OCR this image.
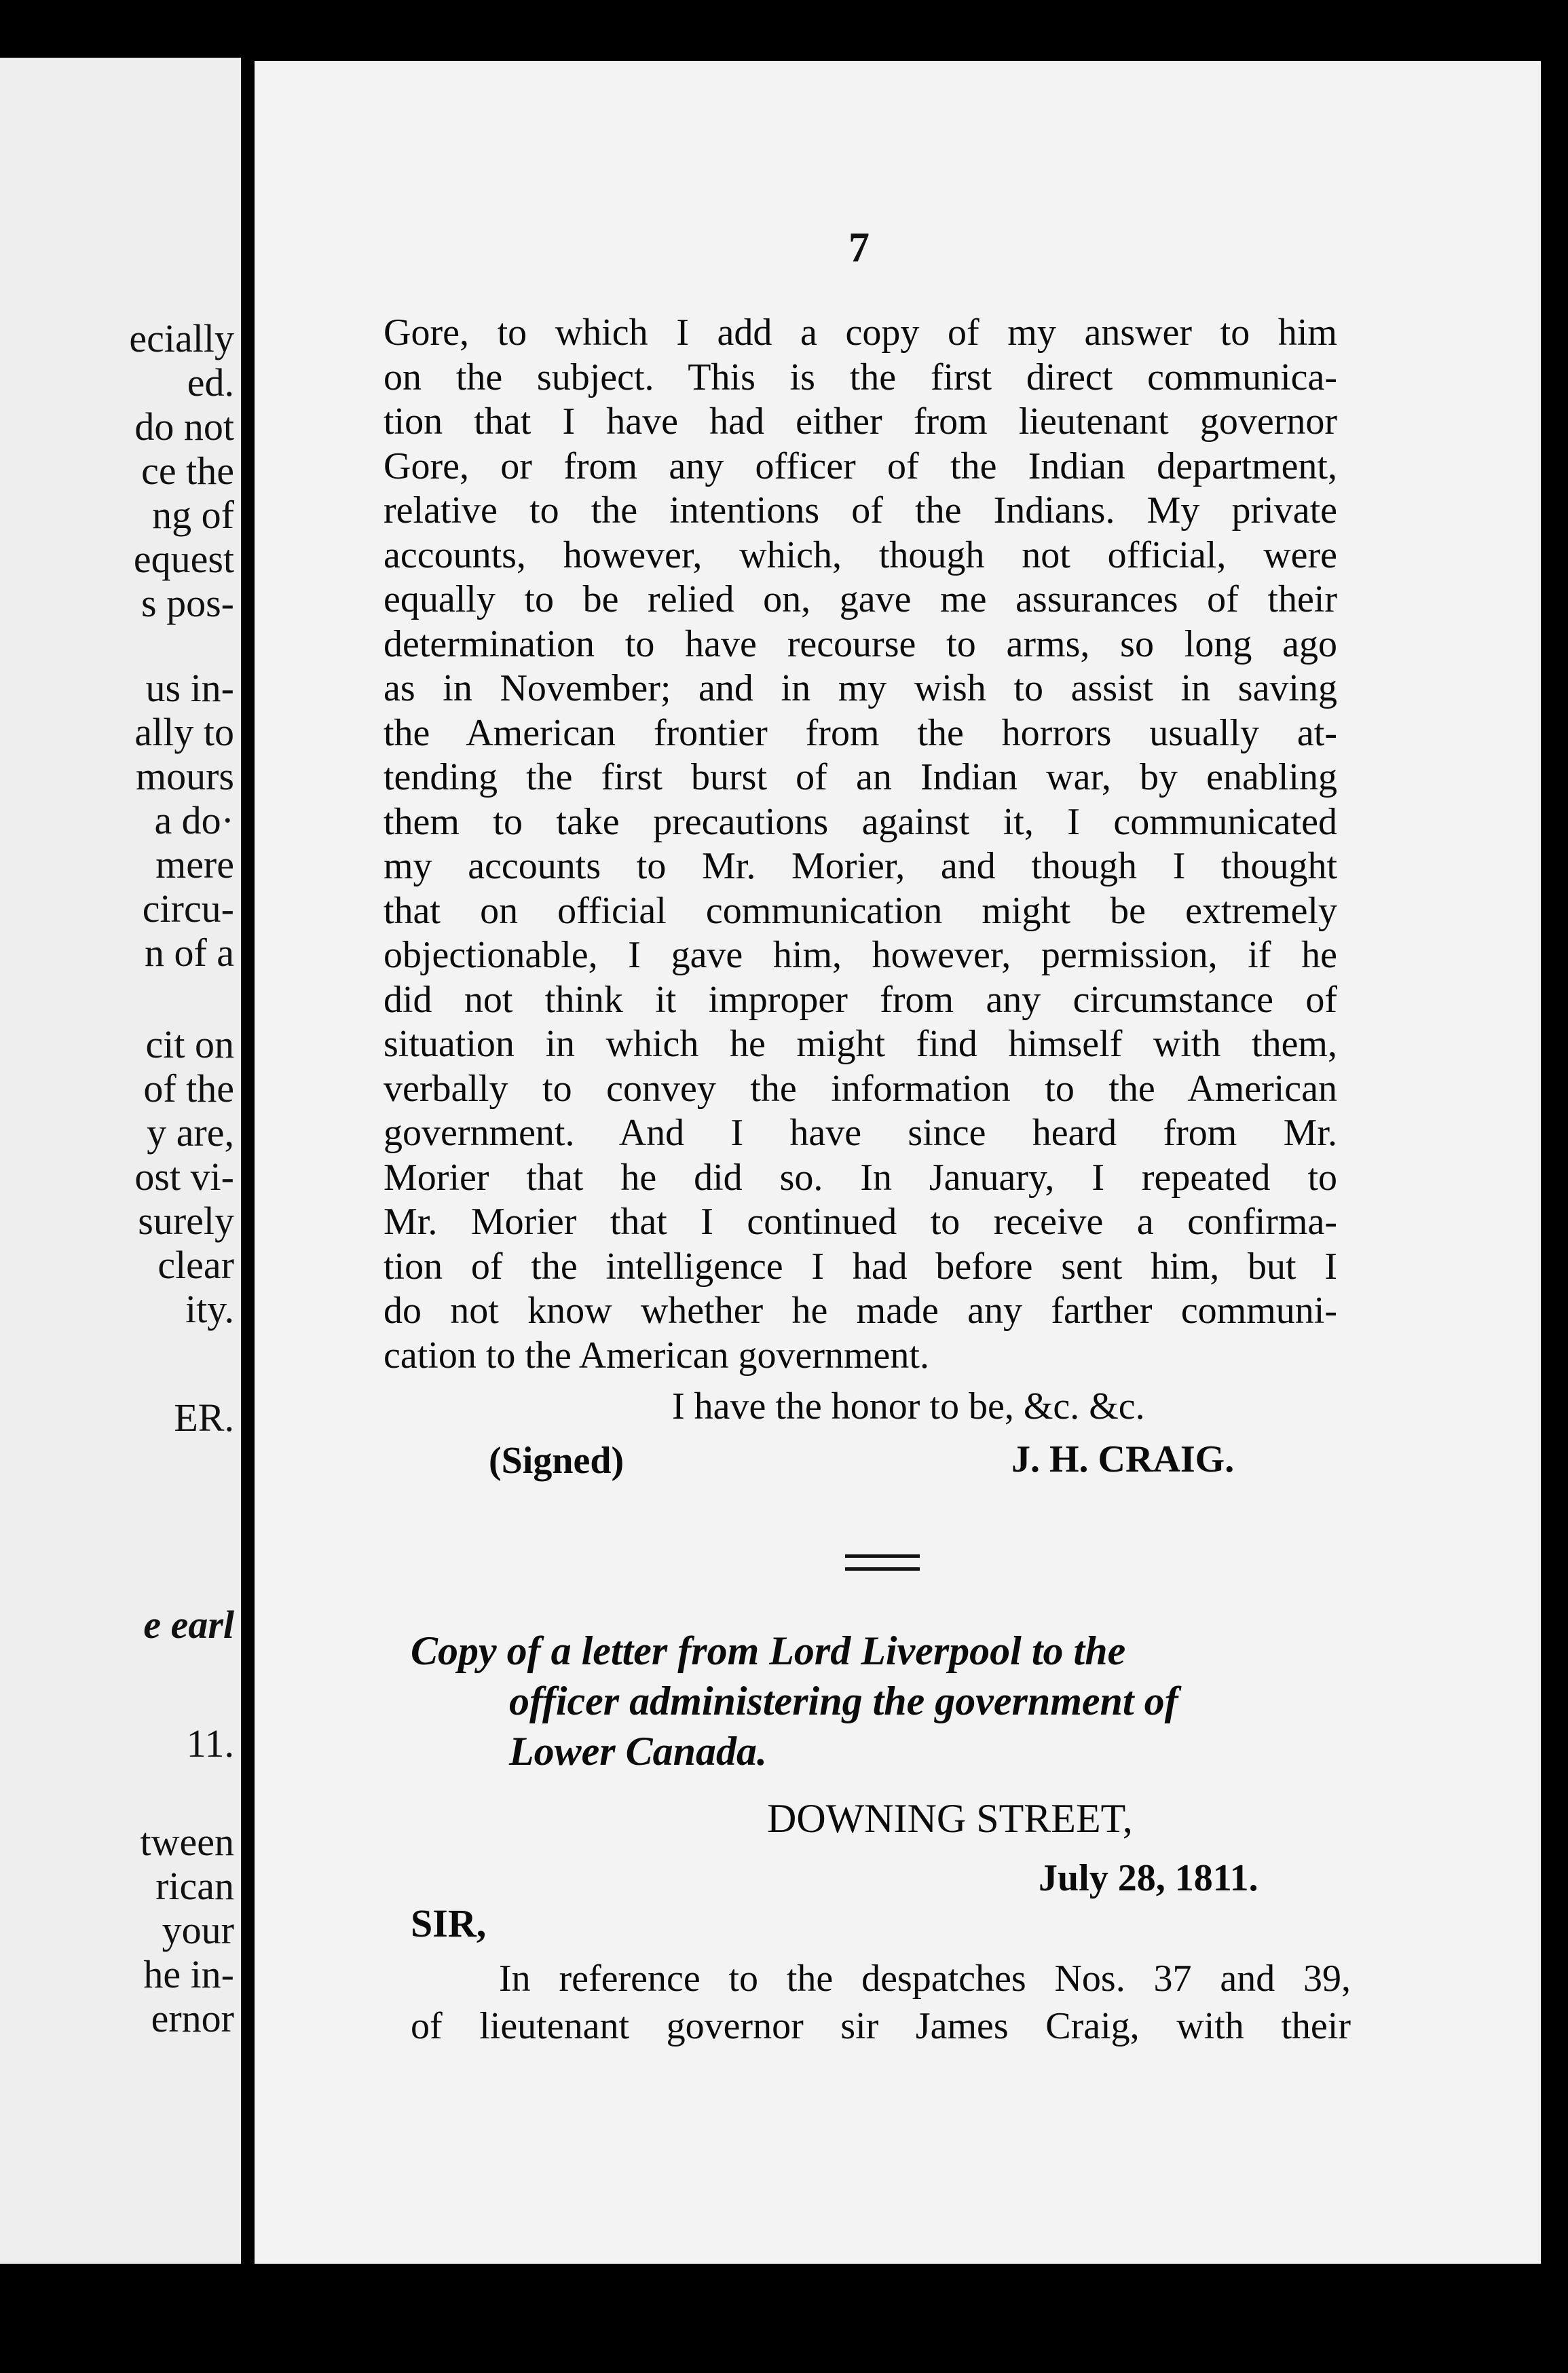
ecially
ed.
do not
ce the
ng of
equest
s pos-
us in-
ally to
mours
a do·
mere
circu-
n of a
cit on
of the
y are,
ost vi-
surely
clear
ity.
ER.
e earl
11.
tween
rican
your
he in-
ernor
7
Gore, to which I add a copy of my answer to him
on the subject. This is the first direct communica-
tion that I have had either from lieutenant governor
Gore, or from any officer of the Indian department,
relative to the intentions of the Indians. My private
accounts, however, which, though not official, were
equally to be relied on, gave me assurances of their
determination to have recourse to arms, so long ago
as in November; and in my wish to assist in saving
the American frontier from the horrors usually at-
tending the first burst of an Indian war, by enabling
them to take precautions against it, I communicated
my accounts to Mr. Morier, and though I thought
that on official communication might be extremely
objectionable, I gave him, however, permission, if he
did not think it improper from any circumstance of
situation in which he might find himself with them,
verbally to convey the information to the American
government. And I have since heard from Mr.
Morier that he did so. In January, I repeated to
Mr. Morier that I continued to receive a confirma-
tion of the intelligence I had before sent him, but I
do not know whether he made any farther communi-
cation to the American government.
I have the honor to be, &c. &c.
(Signed)	J. H. CRAIG.
Copy of a letter from Lord Liverpool to the
officer administering the government of
Lower Canada.
DOWNING STREET,
July 28, 1811.
SIR,
In reference to the despatches Nos. 37 and 39,
of lieutenant governor sir James Craig, with their
